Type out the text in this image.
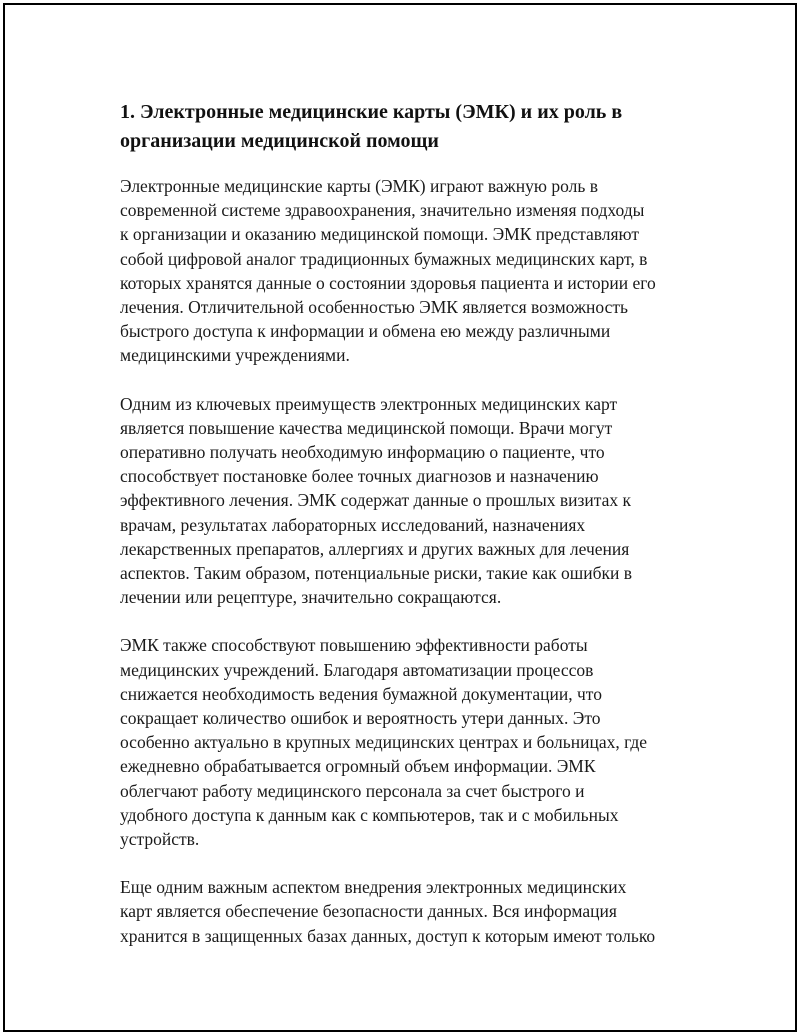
1. Электронные медицинские карты (ЭМК) и их роль в
организации медицинской помощи

Электронные медицинские карты (ЭМК) играют важную роль в
современной системе здравоохранения, значительно изменяя подходы
к организации и оказанию медицинской помощи. ЭМК представляют
собой цифровой аналог традиционных бумажных медицинских карт, в
которых хранятся данные о состоянии здоровья пациента и истории его
лечения. Отличительной особенностью ЭМК является возможность
быстрого доступа к информации и обмена ею между различными
медицинскими учреждениями.

Одним из ключевых преимуществ электронных медицинских карт
является повышение качества медицинской помощи. Врачи могут
оперативно получать необходимую информацию о пациенте, что
способствует постановке более точных диагнозов и назначению
эффективного лечения. ЭМК содержат данные о прошлых визитах к
врачам, результатах лабораторных исследований, назначениях
лекарственных препаратов, аллергиях и других важных для лечения
аспектов. Таким образом, потенциальные риски, такие как ошибки в
лечении или рецептуре, значительно сокращаются.

ЭМК также способствуют повышению эффективности работы
медицинских учреждений. Благодаря автоматизации процессов
снижается необходимость ведения бумажной документации, что
сокращает количество ошибок и вероятность утери данных. Это
особенно актуально в крупных медицинских центрах и больницах, где
ежедневно обрабатывается огромный объем информации. ЭМК
облегчают работу медицинского персонала за счет быстрого и
удобного доступа к данным как с компьютеров, так и с мобильных
устройств.

Еще одним важным аспектом внедрения электронных медицинских
карт является обеспечение безопасности данных. Вся информация
хранится в защищенных базах данных, доступ к которым имеют только
